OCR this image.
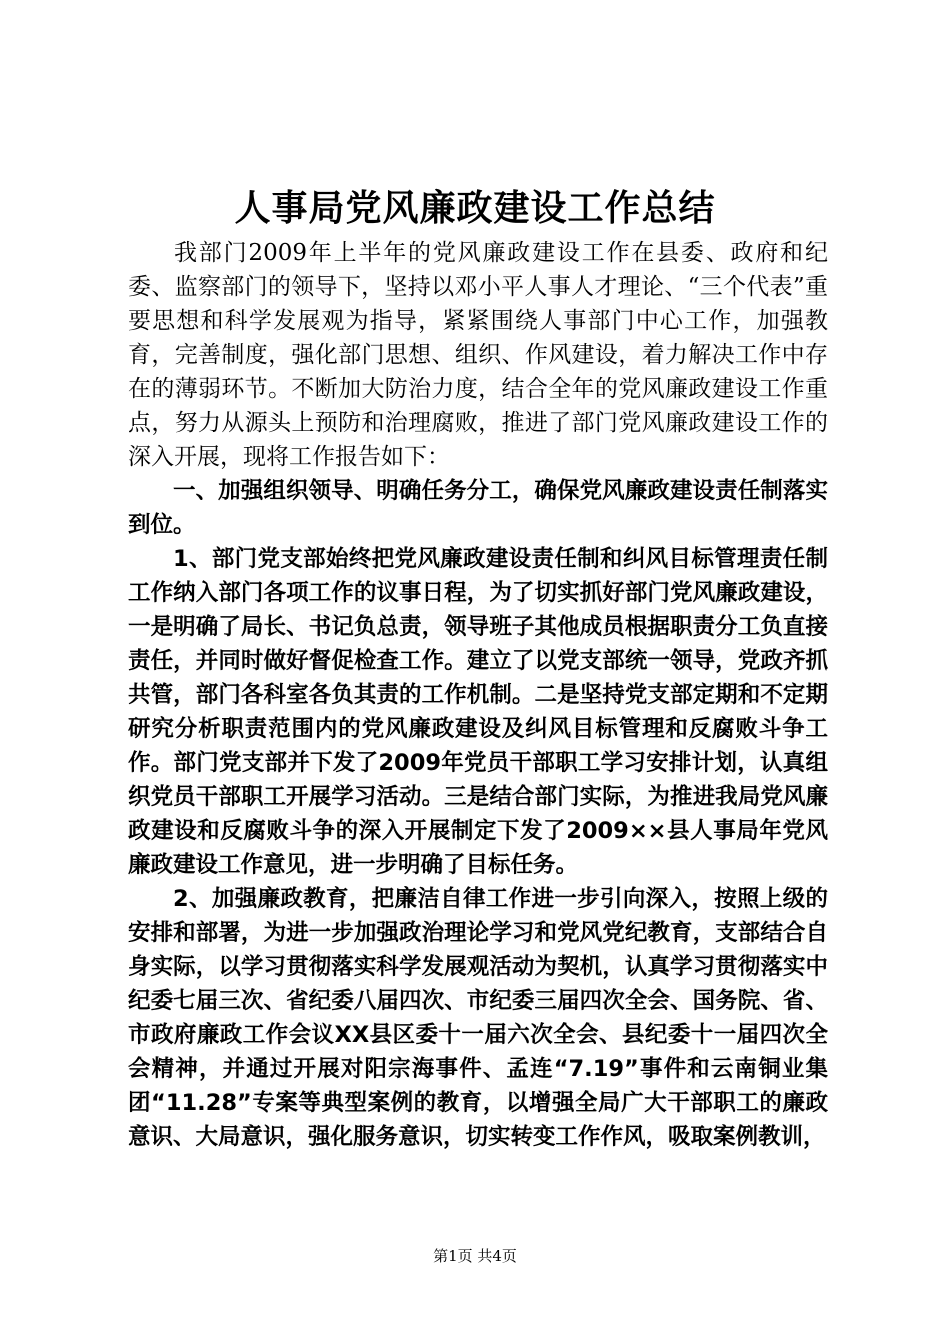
人事局党风廉政建设工作总结

我部门2009年上半年的党风廉政建设工作在县委、政府和纪委、监察部门的领导下，坚持以邓小平人事人才理论、“三个代表”重要思想和科学发展观为指导，紧紧围绕人事部门中心工作，加强教育，完善制度，强化部门思想、组织、作风建设，着力解决工作中存在的薄弱环节。不断加大防治力度，结合全年的党风廉政建设工作重点，努力从源头上预防和治理腐败，推进了部门党风廉政建设工作的深入开展，现将工作报告如下：

一、加强组织领导、明确任务分工，确保党风廉政建设责任制落实到位。

1、部门党支部始终把党风廉政建设责任制和纠风目标管理责任制工作纳入部门各项工作的议事日程，为了切实抓好部门党风廉政建设，一是明确了局长、书记负总责，领导班子其他成员根据职责分工负直接责任，并同时做好督促检查工作。建立了以党支部统一领导，党政齐抓共管，部门各科室各负其责的工作机制。二是坚持党支部定期和不定期研究分析职责范围内的党风廉政建设及纠风目标管理和反腐败斗争工作。部门党支部并下发了2009年党员干部职工学习安排计划，认真组织党员干部职工开展学习活动。三是结合部门实际，为推进我局党风廉政建设和反腐败斗争的深入开展制定下发了2009××县人事局年党风廉政建设工作意见，进一步明确了目标任务。

2、加强廉政教育，把廉洁自律工作进一步引向深入，按照上级的安排和部署，为进一步加强政治理论学习和党风党纪教育，支部结合自身实际，以学习贯彻落实科学发展观活动为契机，认真学习贯彻落实中纪委七届三次、省纪委八届四次、市纪委三届四次全会、国务院、省、市政府廉政工作会议XX县区委十一届六次全会、县纪委十一届四次全会精神，并通过开展对阳宗海事件、孟连“7.19”事件和云南铜业集团“11.28”专案等典型案例的教育，以增强全局广大干部职工的廉政意识、大局意识，强化服务意识，切实转变工作作风，吸取案例教训，

第1页 共4页
